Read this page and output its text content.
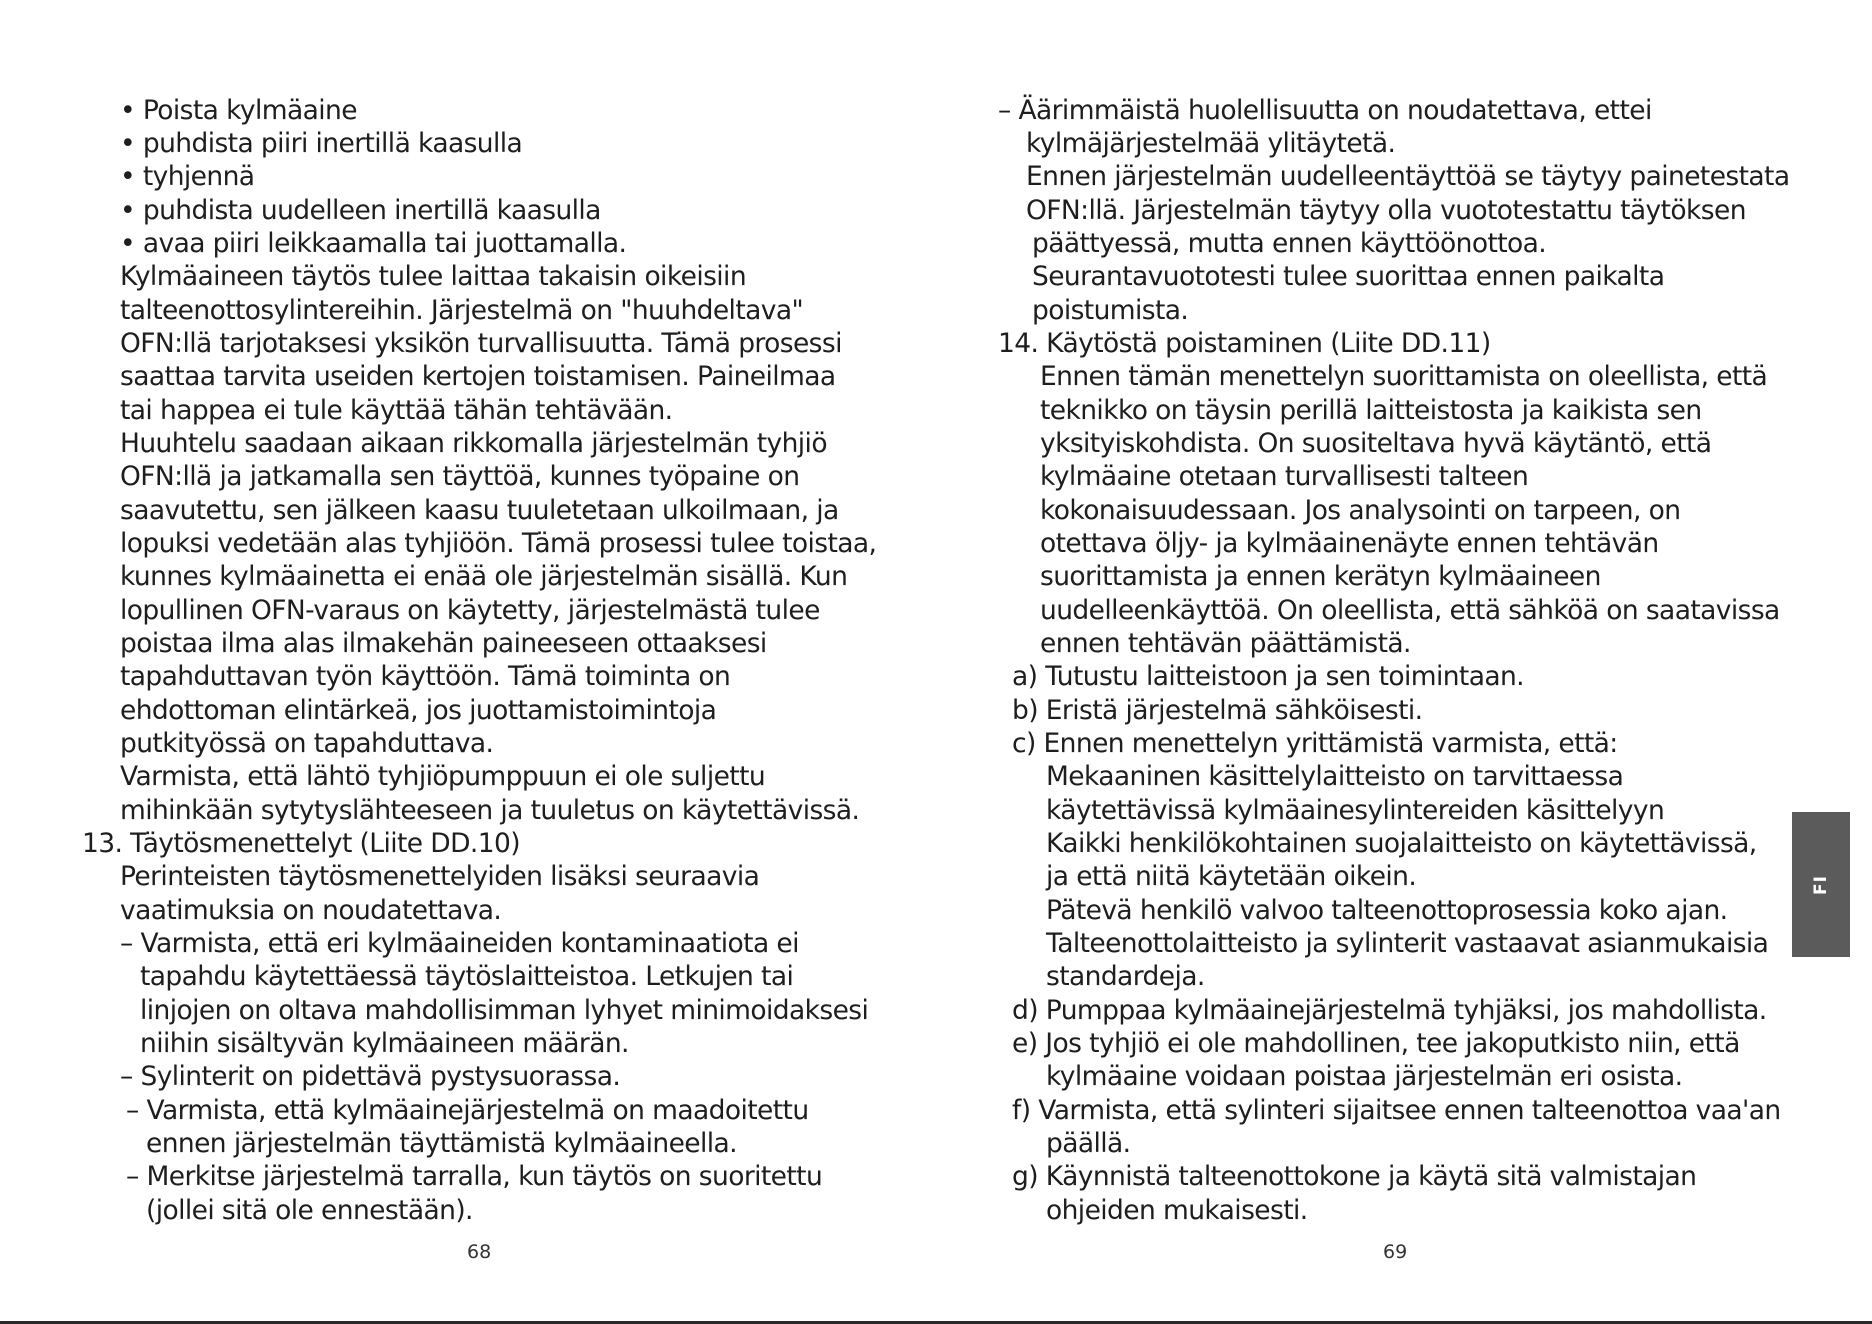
• Poista kylmäaine
• puhdista piiri inertillä kaasulla
• tyhjennä
• puhdista uudelleen inertillä kaasulla
• avaa piiri leikkaamalla tai juottamalla.
Kylmäaineen täytös tulee laittaa takaisin oikeisiin
talteenottosylintereihin. Järjestelmä on "huuhdeltava"
OFN:llä tarjotaksesi yksikön turvallisuutta. Tämä prosessi
saattaa tarvita useiden kertojen toistamisen. Paineilmaa
tai happea ei tule käyttää tähän tehtävään.
Huuhtelu saadaan aikaan rikkomalla järjestelmän tyhjiö
OFN:llä ja jatkamalla sen täyttöä, kunnes työpaine on
saavutettu, sen jälkeen kaasu tuuletetaan ulkoilmaan, ja
lopuksi vedetään alas tyhjiöön. Tämä prosessi tulee toistaa,
kunnes kylmäainetta ei enää ole järjestelmän sisällä. Kun
lopullinen OFN-varaus on käytetty, järjestelmästä tulee
poistaa ilma alas ilmakehän paineeseen ottaaksesi
tapahduttavan työn käyttöön. Tämä toiminta on
ehdottoman elintärkeä, jos juottamistoimintoja
putkityössä on tapahduttava.
Varmista, että lähtö tyhjiöpumppuun ei ole suljettu
mihinkään sytytyslähteeseen ja tuuletus on käytettävissä.
13. Täytösmenettelyt (Liite DD.10)
Perinteisten täytösmenettelyiden lisäksi seuraavia
vaatimuksia on noudatettava.
– Varmista, että eri kylmäaineiden kontaminaatiota ei
tapahdu käytettäessä täytöslaitteistoa. Letkujen tai
linjojen on oltava mahdollisimman lyhyet minimoidaksesi
niihin sisältyvän kylmäaineen määrän.
– Sylinterit on pidettävä pystysuorassa.
– Varmista, että kylmäainejärjestelmä on maadoitettu
ennen järjestelmän täyttämistä kylmäaineella.
– Merkitse järjestelmä tarralla, kun täytös on suoritettu
(jollei sitä ole ennestään).
68
– Äärimmäistä huolellisuutta on noudatettava, ettei
kylmäjärjestelmää ylitäytetä.
Ennen järjestelmän uudelleentäyttöä se täytyy painetestata
OFN:llä. Järjestelmän täytyy olla vuototestattu täytöksen
päättyessä, mutta ennen käyttöönottoa.
Seurantavuototesti tulee suorittaa ennen paikalta
poistumista.
14. Käytöstä poistaminen (Liite DD.11)
Ennen tämän menettelyn suorittamista on oleellista, että
teknikko on täysin perillä laitteistosta ja kaikista sen
yksityiskohdista. On suositeltava hyvä käytäntö, että
kylmäaine otetaan turvallisesti talteen
kokonaisuudessaan. Jos analysointi on tarpeen, on
otettava öljy- ja kylmäainenäyte ennen tehtävän
suorittamista ja ennen kerätyn kylmäaineen
uudelleenkäyttöä. On oleellista, että sähköä on saatavissa
ennen tehtävän päättämistä.
a) Tutustu laitteistoon ja sen toimintaan.
b) Eristä järjestelmä sähköisesti.
c) Ennen menettelyn yrittämistä varmista, että:
Mekaaninen käsittelylaitteisto on tarvittaessa
käytettävissä kylmäainesylintereiden käsittelyyn
Kaikki henkilökohtainen suojalaitteisto on käytettävissä,
ja että niitä käytetään oikein.
Pätevä henkilö valvoo talteenottoprosessia koko ajan.
Talteenottolaitteisto ja sylinterit vastaavat asianmukaisia
standardeja.
d) Pumppaa kylmäainejärjestelmä tyhjäksi, jos mahdollista.
e) Jos tyhjiö ei ole mahdollinen, tee jakoputkisto niin, että
kylmäaine voidaan poistaa järjestelmän eri osista.
f) Varmista, että sylinteri sijaitsee ennen talteenottoa vaa'an
päällä.
g) Käynnistä talteenottokone ja käytä sitä valmistajan
ohjeiden mukaisesti.
69
FI
